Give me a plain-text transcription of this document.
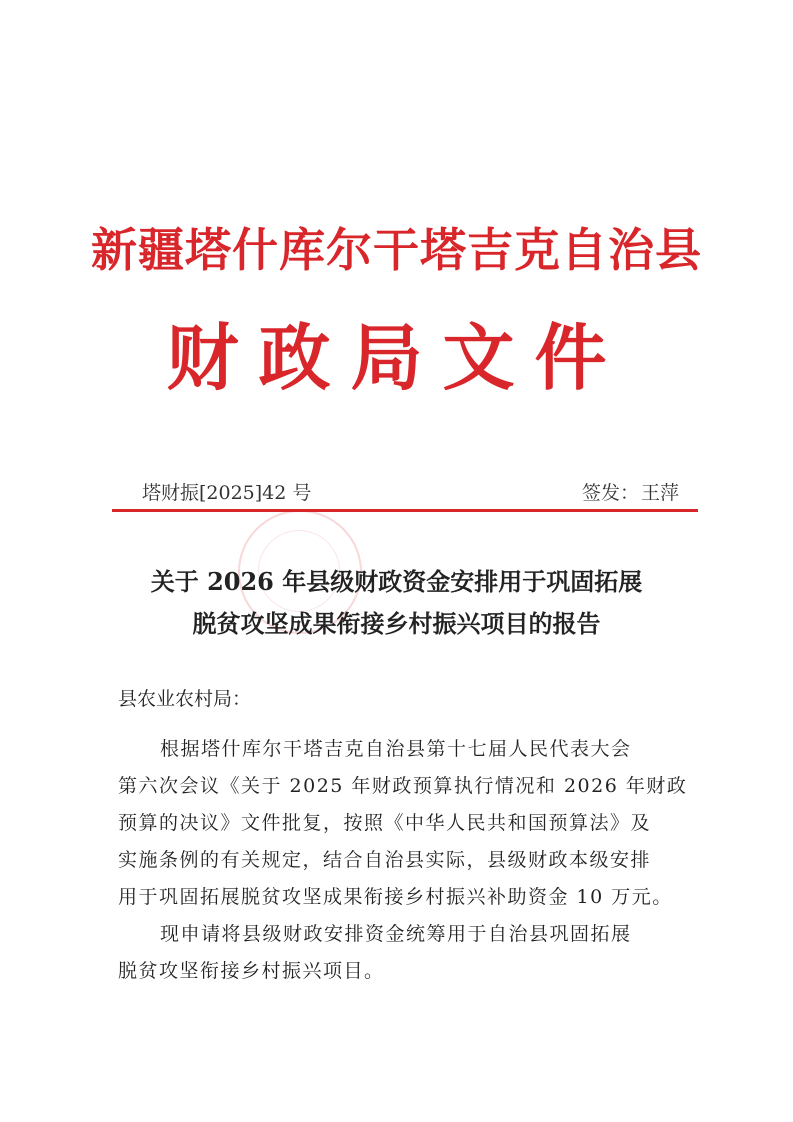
新疆塔什库尔干塔吉克自治县
财政局文件
塔财振[2025]42 号	签发： 王萍
关于 2026 年县级财政资金安排用于巩固拓展
脱贫攻坚成果衔接乡村振兴项目的报告
县农业农村局：
根据塔什库尔干塔吉克自治县第十七届人民代表大会
第六次会议《关于 2025 年财政预算执行情况和 2026 年财政
预算的决议》文件批复，按照《中华人民共和国预算法》及
实施条例的有关规定，结合自治县实际，县级财政本级安排
用于巩固拓展脱贫攻坚成果衔接乡村振兴补助资金 10 万元。
现申请将县级财政安排资金统筹用于自治县巩固拓展
脱贫攻坚衔接乡村振兴项目。
